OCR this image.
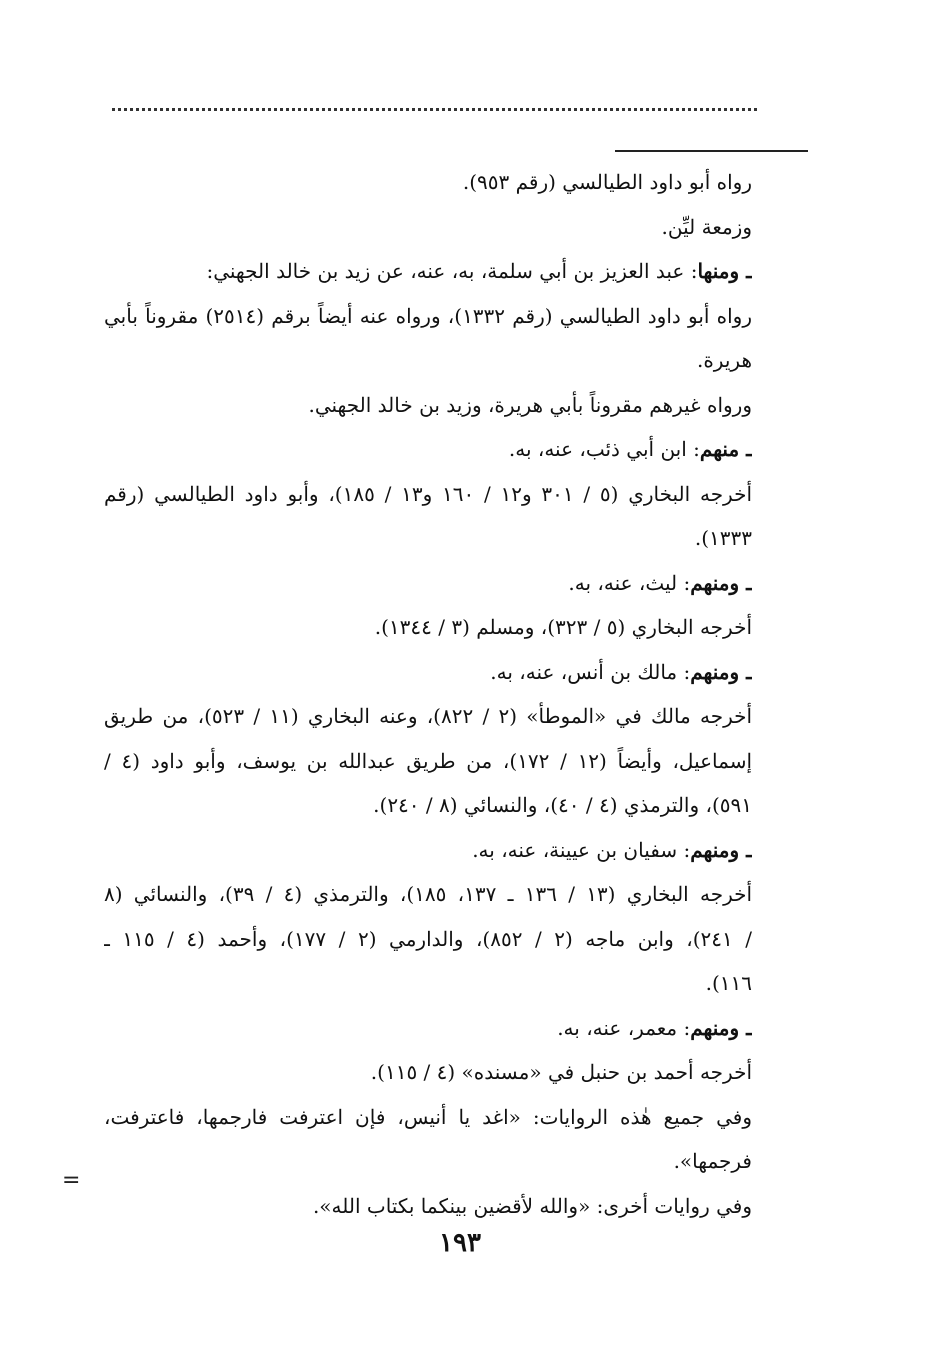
رواه أبو داود الطيالسي (رقم ٩٥٣).
وزمعة ليِّن.
ـ ومنها: عبد العزيز بن أبي سلمة، به، عنه، عن زيد بن خالد الجهني:
رواه أبو داود الطيالسي (رقم ١٣٣٢)، ورواه عنه أيضاً برقم (٢٥١٤) مقروناً بأبي
هريرة.
ورواه غيرهم مقروناً بأبي هريرة، وزيد بن خالد الجهني.
ـ منهم: ابن أبي ذئب، عنه، به.
أخرجه البخاري (٥ / ٣٠١ و١٢ / ١٦٠ و١٣ / ١٨٥)، وأبو داود الطيالسي (رقم
١٣٣٣).
ـ ومنهم: ليث، عنه، به.
أخرجه البخاري (٥ / ٣٢٣)، ومسلم (٣ / ١٣٤٤).
ـ ومنهم: مالك بن أنس، عنه، به.
أخرجه مالك في «الموطأ» (٢ / ٨٢٢)، وعنه البخاري (١١ / ٥٢٣)، من طريق
إسماعيل، وأيضاً (١٢ / ١٧٢)، من طريق عبدالله بن يوسف، وأبو داود (٤ /
٥٩١)، والترمذي (٤ / ٤٠)، والنسائي (٨ / ٢٤٠).
ـ ومنهم: سفيان بن عيينة، عنه، به.
أخرجه البخاري (١٣ / ١٣٦ ـ ١٣٧، ١٨٥)، والترمذي (٤ / ٣٩)، والنسائي (٨
/ ٢٤١)، وابن ماجه (٢ / ٨٥٢)، والدارمي (٢ / ١٧٧)، وأحمد (٤ / ١١٥ ـ
١١٦).
ـ ومنهم: معمر، عنه، به.
أخرجه أحمد بن حنبل في «مسنده» (٤ / ١١٥).
وفي جميع هٰذه الروايات: «اغد يا أنيس، فإن اعترفت فارجمها، فاعترفت،
فرجمها».
وفي روايات أخرى: «والله لأقضين بينكما بكتاب الله».
=
١٩٣
